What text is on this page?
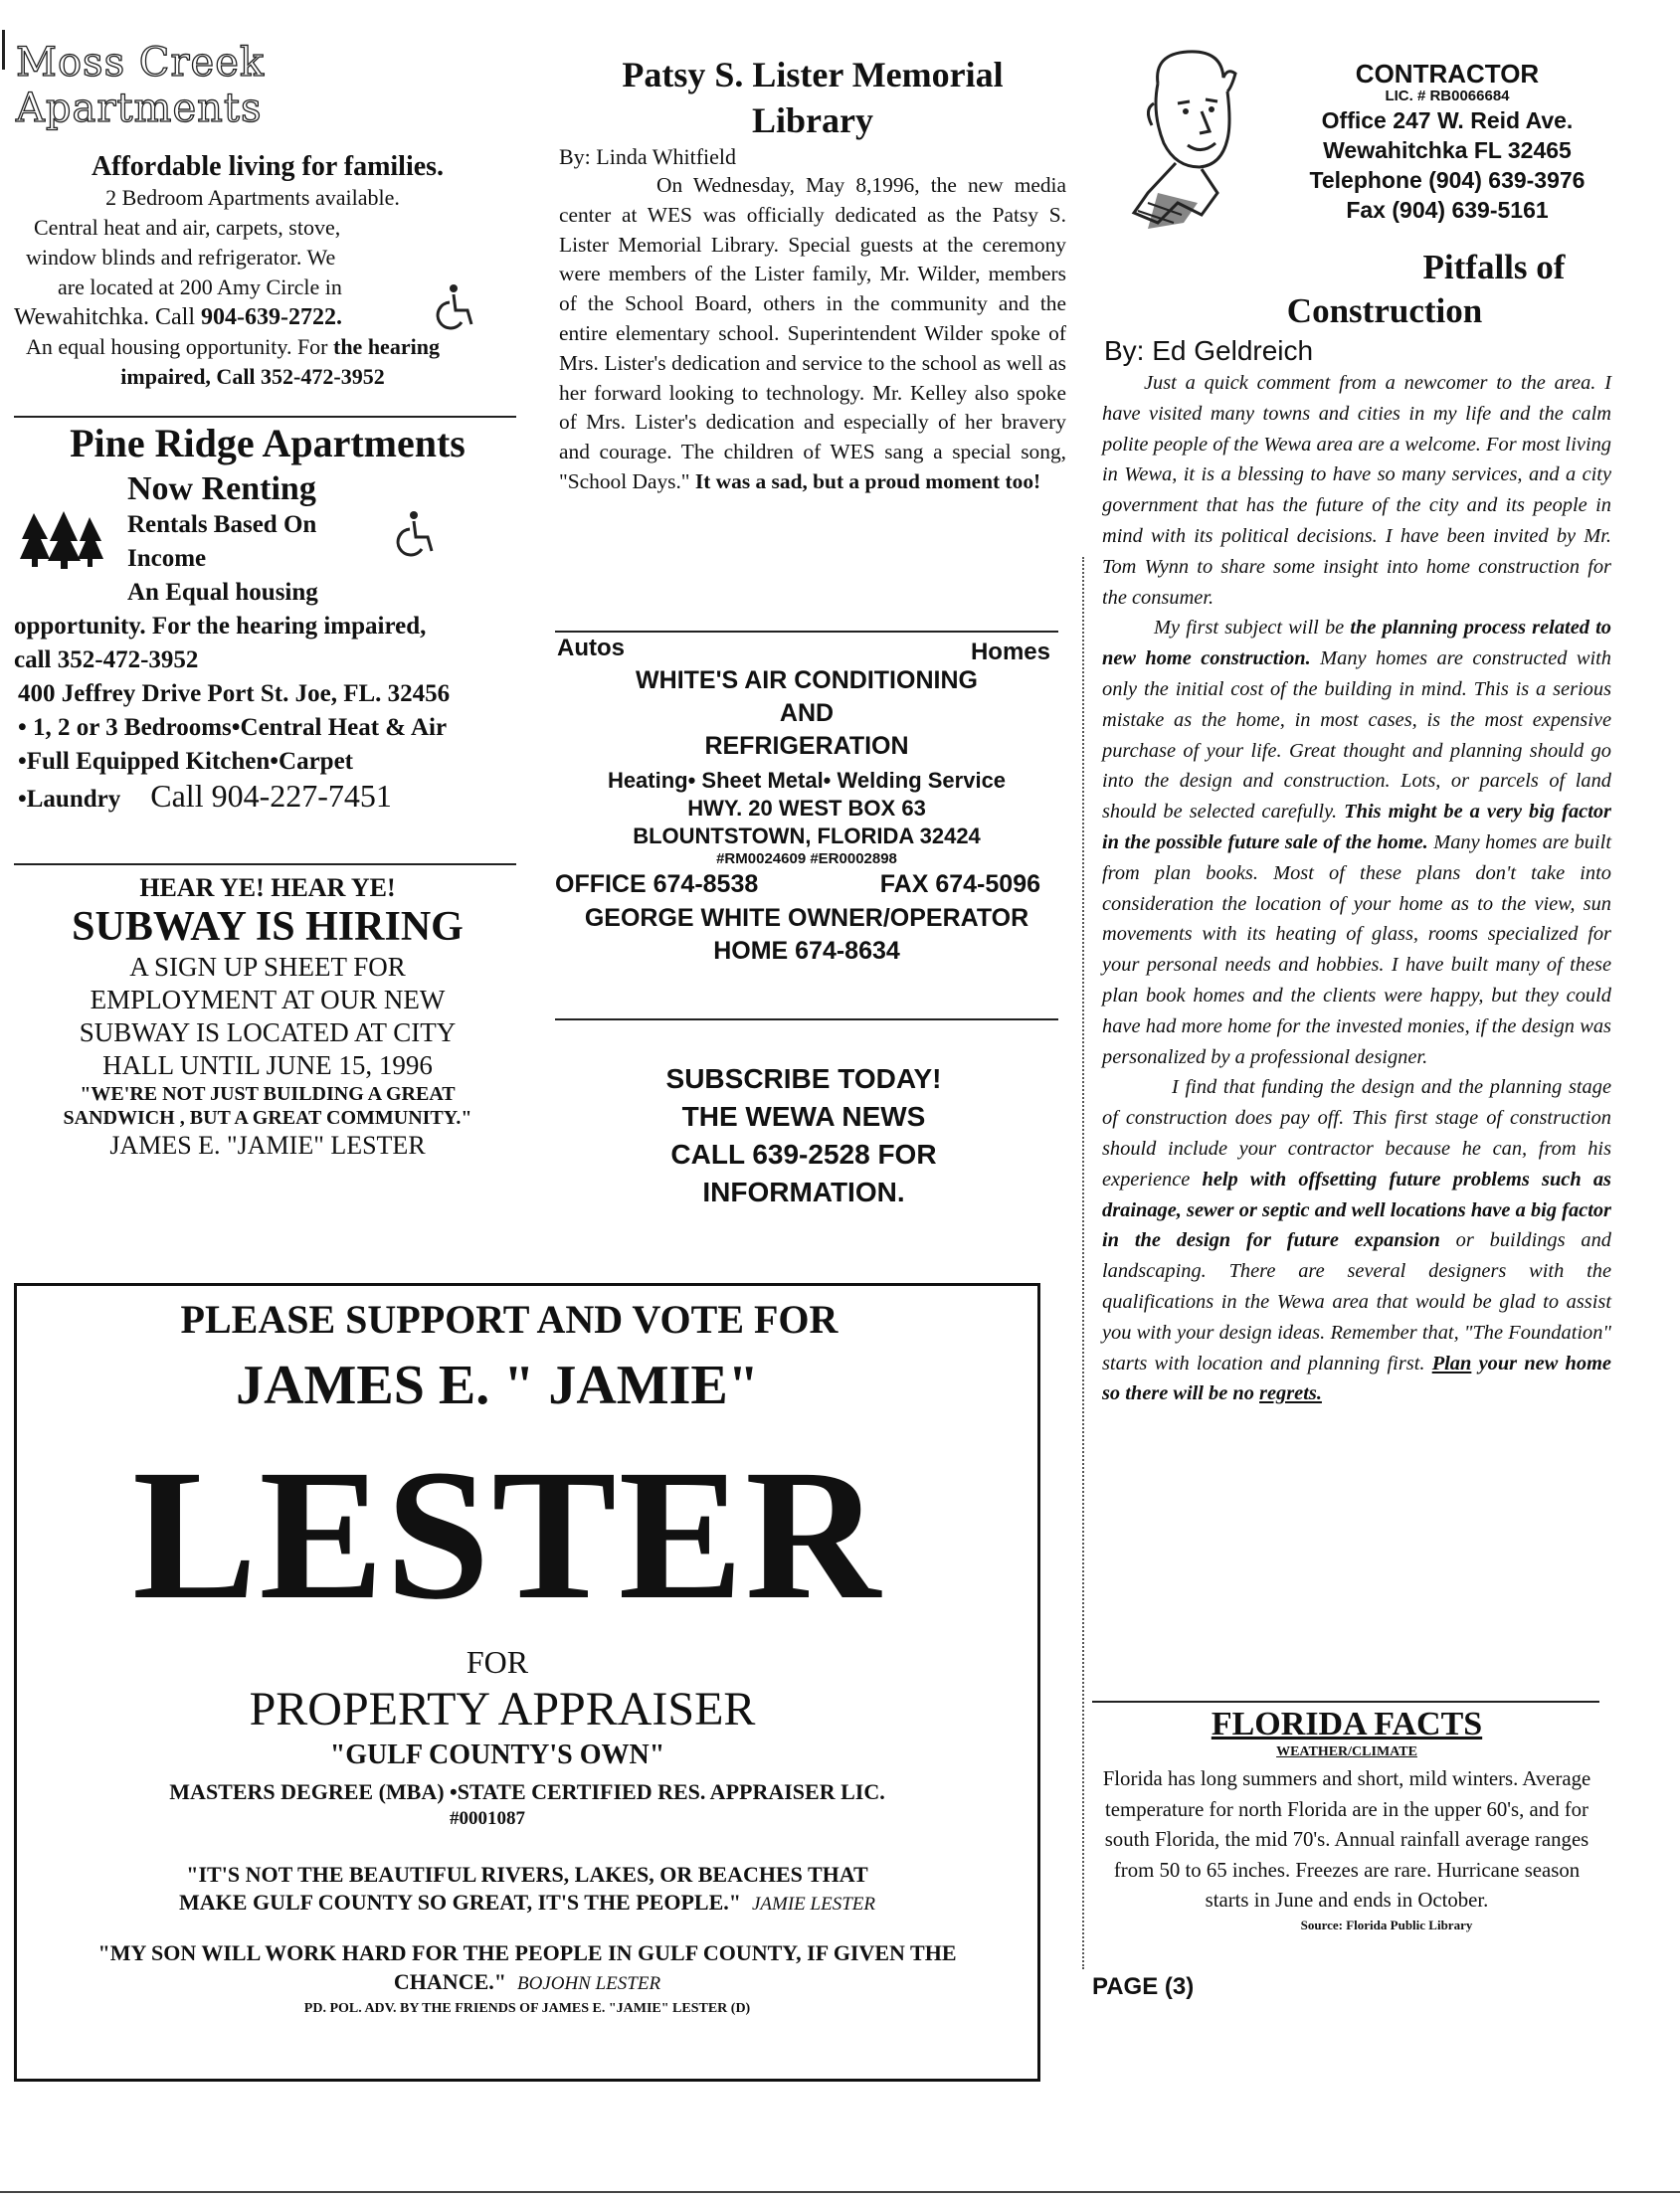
Moss Creek Apartments
Affordable living for families.
2 Bedroom Apartments available.
Central heat and air, carpets, stove,
window blinds and refrigerator. We
are located at 200 Amy Circle in
Wewahitchka. Call 904-639-2722.
An equal housing opportunity. For the hearing
impaired, Call 352-472-3952
Pine Ridge Apartments
Now Renting
Rentals Based On
Income
An Equal housing
opportunity. For the hearing impaired,
call 352-472-3952
400 Jeffrey Drive Port St. Joe, FL. 32456
• 1, 2 or 3 Bedrooms•Central Heat & Air
•Full Equipped Kitchen•Carpet
•Laundry Call 904-227-7451
HEAR YE! HEAR YE!
SUBWAY IS HIRING
A SIGN UP SHEET FOR
EMPLOYMENT AT OUR NEW
SUBWAY IS LOCATED AT CITY
HALL UNTIL JUNE 15, 1996
"WE'RE NOT JUST BUILDING A GREAT
SANDWICH , BUT A GREAT COMMUNITY."
JAMES E. "JAMIE" LESTER
Patsy S. Lister Memorial
Library
By: Linda Whitfield

On Wednesday, May 8,1996, the new media center at WES was officially dedicated as the Patsy S. Lister Memorial Library. Special guests at the ceremony were members of the Lister family, Mr. Wilder, members of the School Board, others in the community and the entire elementary school. Superintendent Wilder spoke of Mrs. Lister's dedication and service to the school as well as her forward looking to technology. Mr. Kelley also spoke of Mrs. Lister's dedication and especially of her bravery and courage. The children of WES sang a special song, "School Days." It was a sad, but a proud moment too!

Autos	Homes
WHITE'S AIR CONDITIONING
AND
REFRIGERATION
Heating• Sheet Metal• Welding Service
HWY. 20 WEST BOX 63
BLOUNTSTOWN, FLORIDA 32424
#RM0024609 #ER0002898
OFFICE 674-8538	FAX 674-5096
GEORGE WHITE OWNER/OPERATOR
HOME 674-8634
SUBSCRIBE TODAY!
THE WEWA NEWS
CALL 639-2528 FOR
INFORMATION.
CONTRACTOR
LIC. # RB0066684
Office 247 W. Reid Ave.
Wewahitchka FL 32465
Telephone (904) 639-3976
Fax (904) 639-5161
Pitfalls of
Construction
By: Ed Geldreich

Just a quick comment from a newcomer to the area. I have visited many towns and cities in my life and the calm polite people of the Wewa area are a welcome. For most living in Wewa, it is a blessing to have so many services, and a city government that has the future of the city and its people in mind with its political decisions. I have been invited by Mr. Tom Wynn to share some insight into home construction for the consumer.

My first subject will be the planning process related to new home construction. Many homes are constructed with only the initial cost of the building in mind. This is a serious mistake as the home, in most cases, is the most expensive purchase of your life. Great thought and planning should go into the design and construction. Lots, or parcels of land should be selected carefully. This might be a very big factor in the possible future sale of the home. Many homes are built from plan books. Most of these plans don't take into consideration the location of your home as to the view, sun movements with its heating of glass, rooms specialized for your personal needs and hobbies. I have built many of these plan book homes and the clients were happy, but they could have had more home for the invested monies, if the design was personalized by a professional designer.

I find that funding the design and the planning stage of construction does pay off. This first stage of construction should include your contractor because he can, from his experience help with offsetting future problems such as drainage, sewer or septic and well locations have a big factor in the design for future expansion or buildings and landscaping. There are several designers with the qualifications in the Wewa area that would be glad to assist you with your design ideas. Remember that, "The Foundation" starts with location and planning first. Plan your new home so there will be no regrets.

FLORIDA FACTS
WEATHER/CLIMATE

Florida has long summers and short, mild winters. Average temperature for north Florida are in the upper 60's, and for south Florida, the mid 70's. Annual rainfall average ranges from 50 to 65 inches. Freezes are rare. Hurricane season starts in June and ends in October.

Source: Florida Public Library
PAGE (3)
PLEASE SUPPORT AND VOTE FOR
JAMES E. " JAMIE"
LESTER
FOR
PROPERTY APPRAISER
"GULF COUNTY'S OWN"
MASTERS DEGREE (MBA) •STATE CERTIFIED RES. APPRAISER LIC.
#0001087
"IT'S NOT THE BEAUTIFUL RIVERS, LAKES, OR BEACHES THAT MAKE GULF COUNTY SO GREAT, IT'S THE PEOPLE." JAMIE LESTER
"MY SON WILL WORK HARD FOR THE PEOPLE IN GULF COUNTY, IF GIVEN THE CHANCE." BOJOHN LESTER
PD. POL. ADV. BY THE FRIENDS OF JAMES E. "JAMIE" LESTER (D)
